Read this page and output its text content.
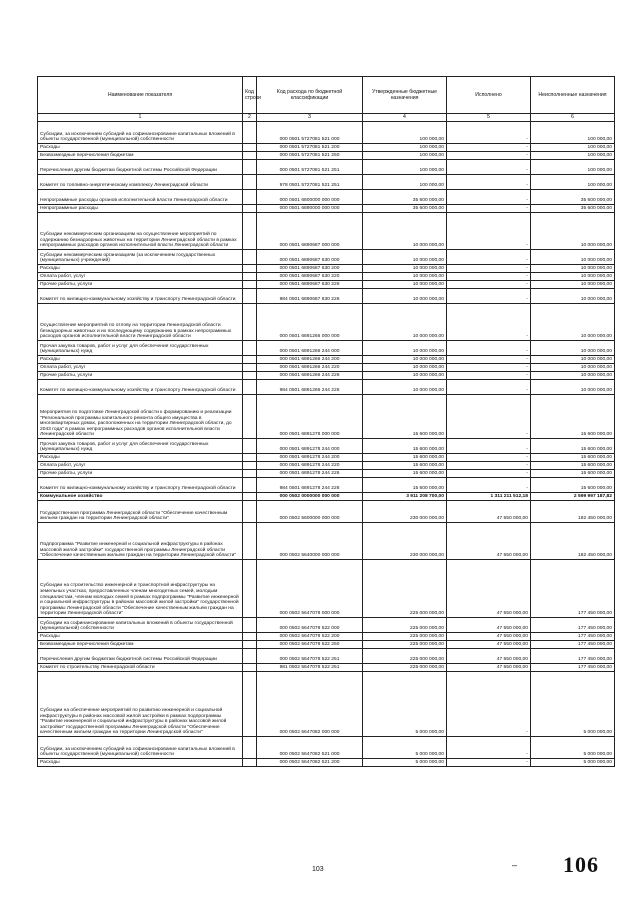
Наименование показателя	Код строки	Код расхода по бюджетной классификации	Утвержденные бюджетные назначения	Исполнено	Неисполненные назначения
1	2	3	4	5	6
Субсидии, за исключением субсидий на софинансирование капитальных вложений в объекты государственной (муниципальной) собственности		000 0501 5727081 521 000	100 000,00	-	100 000,00
Расходы		000 0501 5727081 521 200	100 000,00	-	100 000,00
Безвозмездные перечисления бюджетам		000 0501 5727081 521 250	100 000,00	-	100 000,00
Перечисления другим бюджетам бюджетной системы Российской Федерации		000 0501 5727081 521 251	100 000,00	-	100 000,00
Комитет по топливно-энергетическому комплексу Ленинградской области		978 0501 5727081 521 251	100 000,00	-	100 000,00
Непрограммные расходы органов исполнительной власти Ленинградской области		000 0501 6800000 000 000	35 600 000,00	-	35 600 000,00
Непрограммные расходы		000 0501 6890000 000 000	35 600 000,00	-	35 600 000,00
Субсидии некоммерческим организациям на осуществление мероприятий по содержанию безнадзорных животных на территории Ленинградской области в рамках непрограммных расходов органов исполнительной власти Ленинградской области		000 0501 6890687 000 000	10 000 000,00	-	10 000 000,00
Субсидии некоммерческим организациям (за исключением государственных (муниципальных) учреждений)		000 0501 6890687 630 000	10 000 000,00	-	10 000 000,00
Расходы		000 0501 6890687 630 200	10 000 000,00	-	10 000 000,00
Оплата работ, услуг		000 0501 6890687 630 220	10 000 000,00	-	10 000 000,00
Прочие работы, услуги		000 0501 6890687 630 226	10 000 000,00	-	10 000 000,00
Комитет по жилищно-коммунальному хозяйству и транспорту Ленинградской области		984 0501 6890687 630 226	10 000 000,00	-	10 000 000,00
Осуществление мероприятий по отлову на территории Ленинградской области безнадзорных животных и их последующему содержанию в рамках непрограммных расходов органов исполнительной власти Ленинградской области		000 0501 6891266 000 000	10 000 000,00	-	10 000 000,00
Прочая закупка товаров, работ и услуг для обеспечения государственных (муниципальных) нужд		000 0501 6891266 244 000	10 000 000,00	-	10 000 000,00
Расходы		000 0501 6891266 244 200	10 000 000,00	-	10 000 000,00
Оплата работ, услуг		000 0501 6891266 244 220	10 000 000,00	-	10 000 000,00
Прочие работы, услуги		000 0501 6891266 244 226	10 000 000,00	-	10 000 000,00
Комитет по жилищно-коммунальному хозяйству и транспорту Ленинградской области		984 0501 6891266 244 226	10 000 000,00	-	10 000 000,00
Мероприятия по подготовке Ленинградской области к формированию и реализации "Региональной программы капитального ремонта общего имущества в многоквартирных домах, расположенных на территории Ленинградской области, до 2043 года" в рамках непрограммных расходов органов исполнительной власти Ленинградской области		000 0501 6891278 000 000	15 600 000,00	-	15 600 000,00
Прочая закупка товаров, работ и услуг для обеспечения государственных (муниципальных) нужд		000 0501 6891278 244 000	15 600 000,00	-	15 600 000,00
Расходы		000 0501 6891278 244 200	15 600 000,00	-	15 600 000,00
Оплата работ, услуг		000 0501 6891278 244 220	15 600 000,00	-	15 600 000,00
Прочие работы, услуги		000 0501 6891278 244 226	15 600 000,00	-	15 600 000,00
Комитет по жилищно-коммунальному хозяйству и транспорту Ленинградской области		984 0501 6891278 244 226	15 600 000,00	-	15 600 000,00
Коммунальное хозяйство		000 0502 0000000 000 000	3 911 208 700,00	1 311 211 512,18	2 599 997 187,82
Государственная программа Ленинградской области "Обеспечение качественным жильем граждан на территории Ленинградской области"		000 0502 5600000 000 000	230 000 000,00	47 550 000,00	182 450 000,00
Подпрограмма "Развитие инженерной и социальной инфраструктуры в районах массовой жилой застройки" государственной программы Ленинградской области "Обеспечение качественным жильем граждан на территории Ленинградской области"		000 0502 5640000 000 000	230 000 000,00	47 550 000,00	182 450 000,00
Субсидии на строительство инженерной и транспортной инфраструктуры на земельных участках, предоставленных членам многодетных семей, молодым специалистам, членам молодых семей в рамках подпрограммы "Развитие инженерной и социальной инфраструктуры в районах массовой жилой застройки" государственной программы Ленинградской области "Обеспечение качественным жильем граждан на территории Ленинградской области"		000 0502 5647078 000 000	225 000 000,00	47 550 000,00	177 450 000,00
Субсидии на софинансирование капитальных вложений в объекты государственной (муниципальной) собственности		000 0502 5647078 522 000	225 000 000,00	47 550 000,00	177 450 000,00
Расходы		000 0502 5647078 522 200	225 000 000,00	47 550 000,00	177 450 000,00
Безвозмездные перечисления бюджетам		000 0502 5647078 522 250	225 000 000,00	47 550 000,00	177 450 000,00
Перечисления другим бюджетам бюджетной системы Российской Федерации		000 0502 5647078 522 251	225 000 000,00	47 550 000,00	177 450 000,00
Комитет по строительству Ленинградской области		981 0502 5647078 522 251	225 000 000,00	47 550 000,00	177 450 000,00
Субсидии на обеспечение мероприятий по развитию инженерной и социальной инфраструктуры в районах массовой жилой застройки в рамках подпрограммы "Развитие инженерной и социальной инфраструктуры в районах массовой жилой застройки" государственной программы Ленинградской области "Обеспечение качественным жильем граждан на территории Ленинградской области"		000 0502 5647082 000 000	5 000 000,00	-	5 000 000,00
Субсидии, за исключением субсидий на софинансирование капитальных вложений в объекты государственной (муниципальной) собственности		000 0502 5647082 521 000	5 000 000,00	-	5 000 000,00
Расходы		000 0502 5647082 521 200	5 000 000,00	-	5 000 000,00
–
103	106
